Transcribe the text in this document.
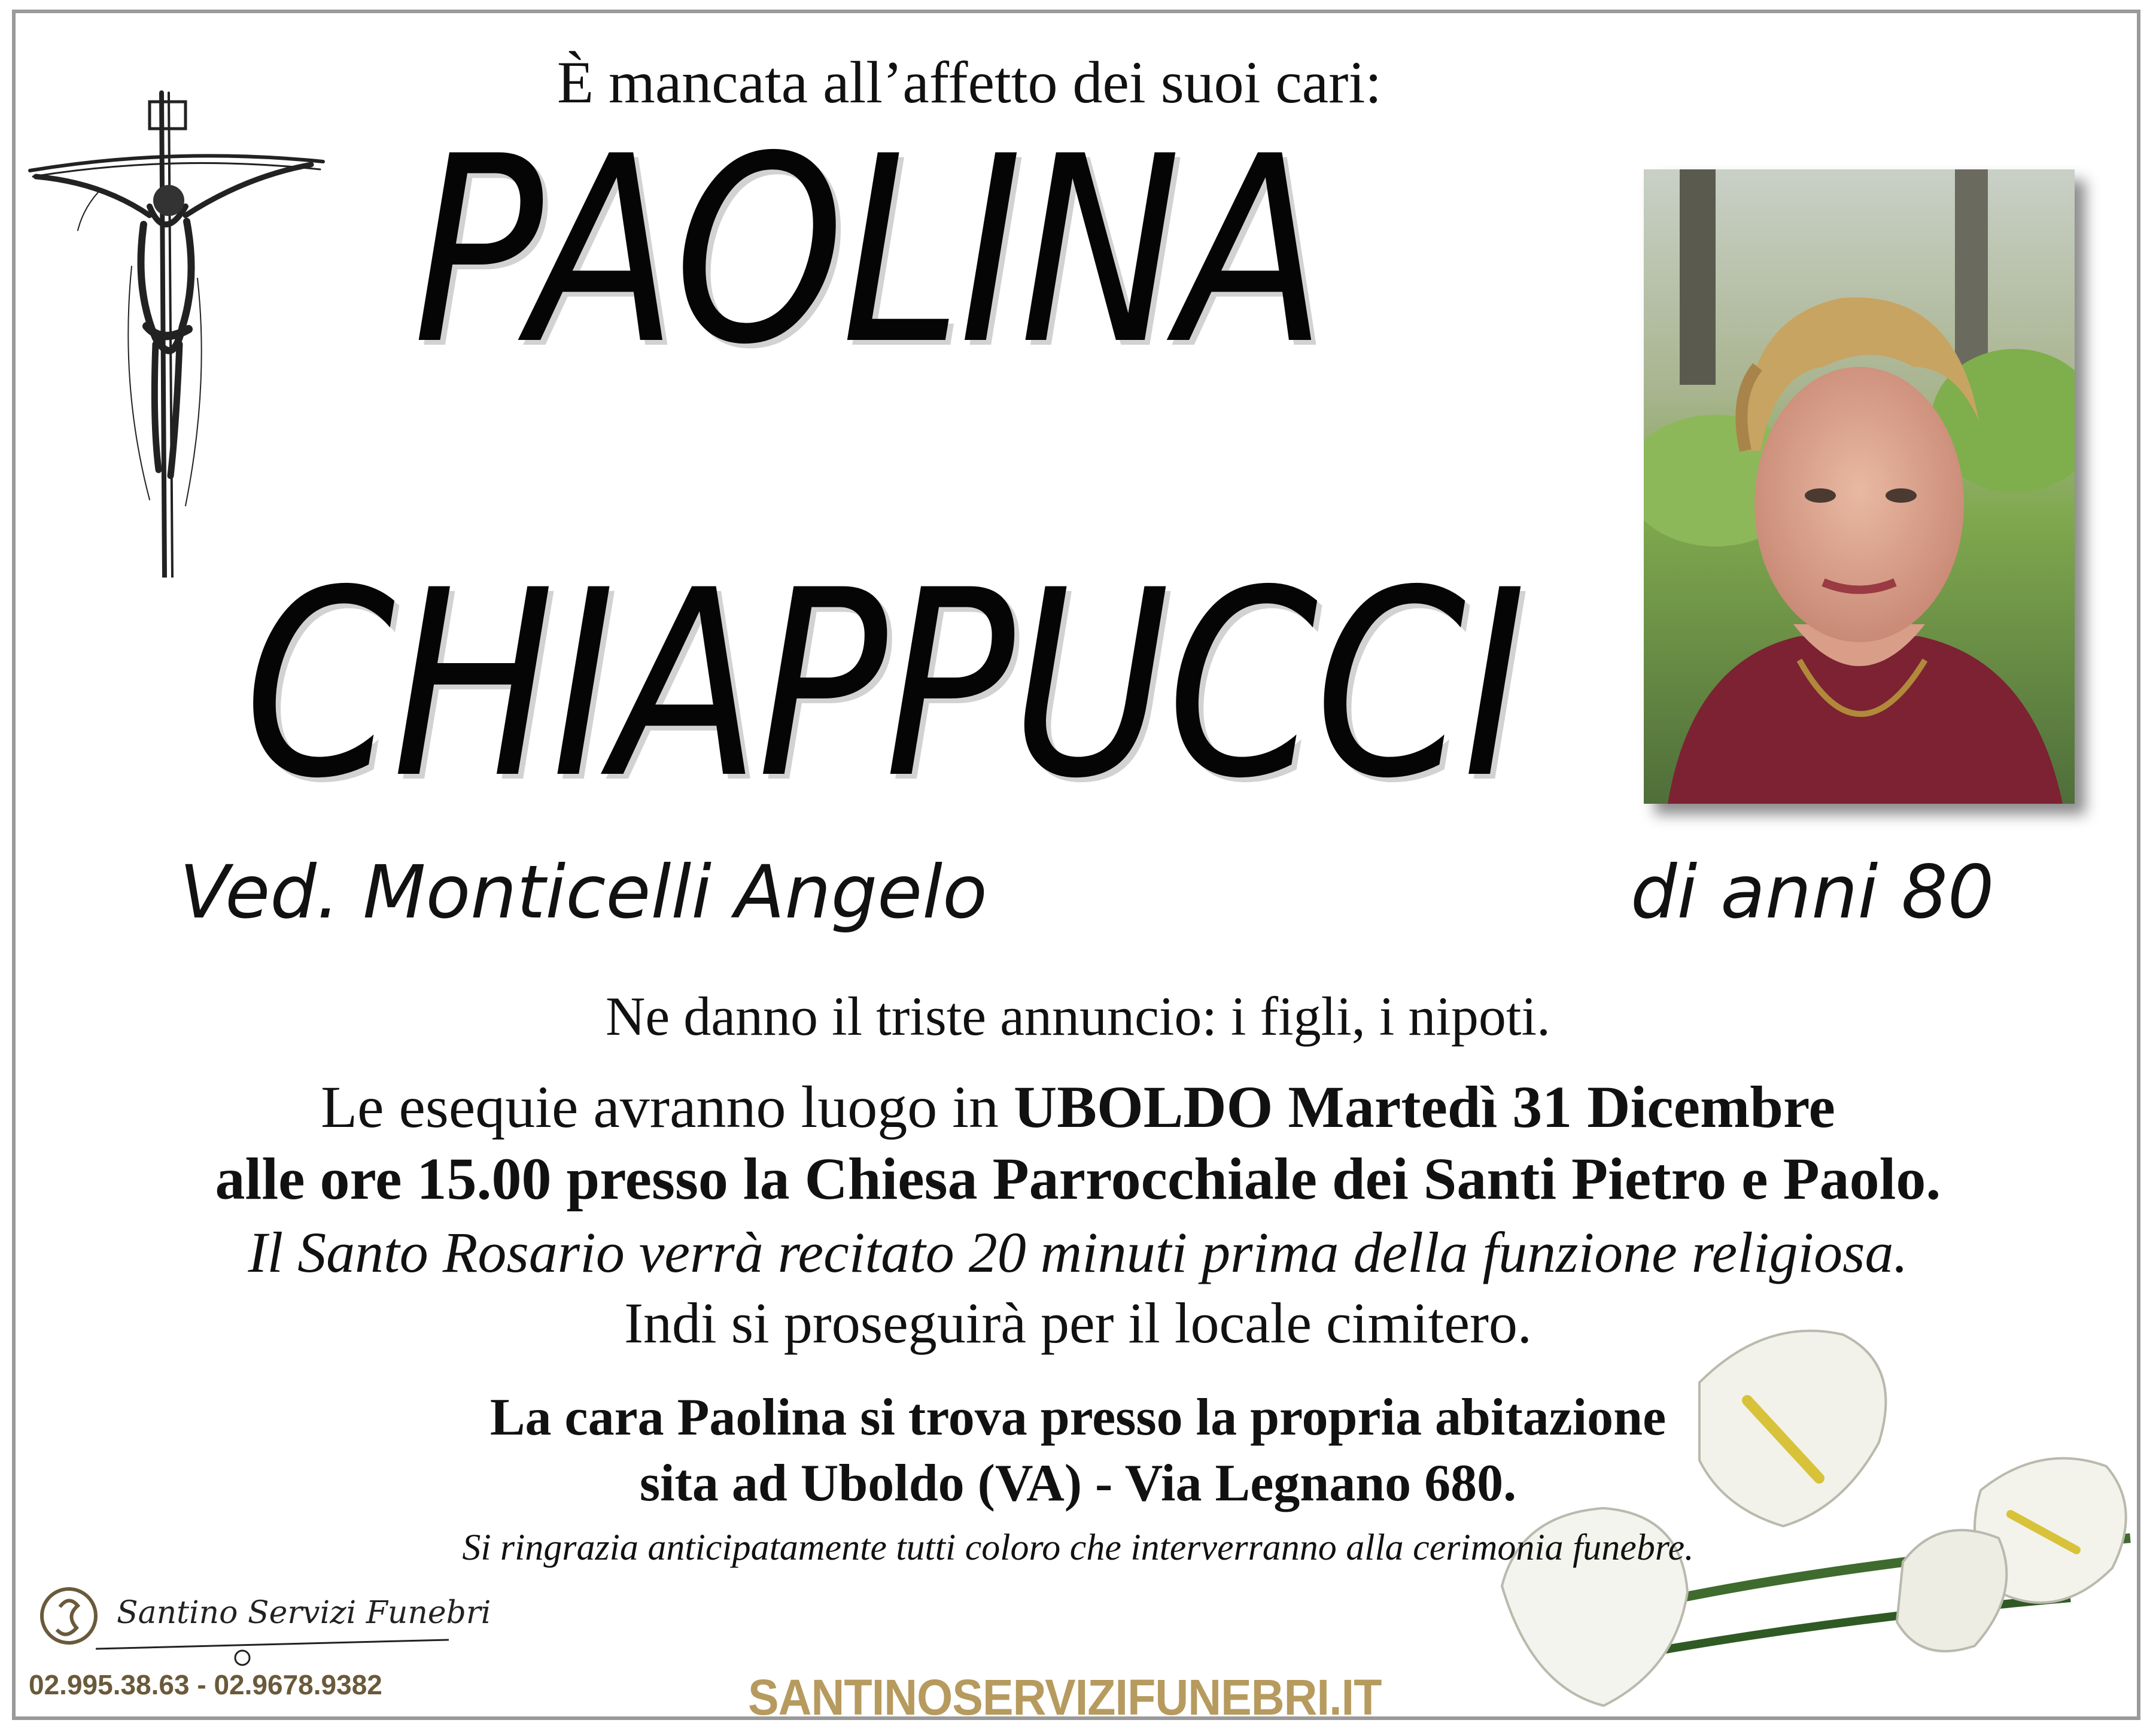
È mancata all’affetto dei suoi cari:
PAOLINA
CHIAPPUCCI
Ved. Monticelli Angelo	di anni 80
Ne danno il triste annuncio: i figli, i nipoti.
Le esequie avranno luogo in UBOLDO Martedì 31 Dicembre
alle ore 15.00 presso la Chiesa Parrocchiale dei Santi Pietro e Paolo.
Il Santo Rosario verrà recitato 20 minuti prima della funzione religiosa.
Indi si proseguirà per il locale cimitero.
La cara Paolina si trova presso la propria abitazione
sita ad Uboldo (VA) - Via Legnano 680.
Si ringrazia anticipatamente tutti coloro che interverranno alla cerimonia funebre.
Santino Servizi Funebri
02.995.38.63 - 02.9678.9382	SANTINOSERVIZIFUNEBRI.IT
